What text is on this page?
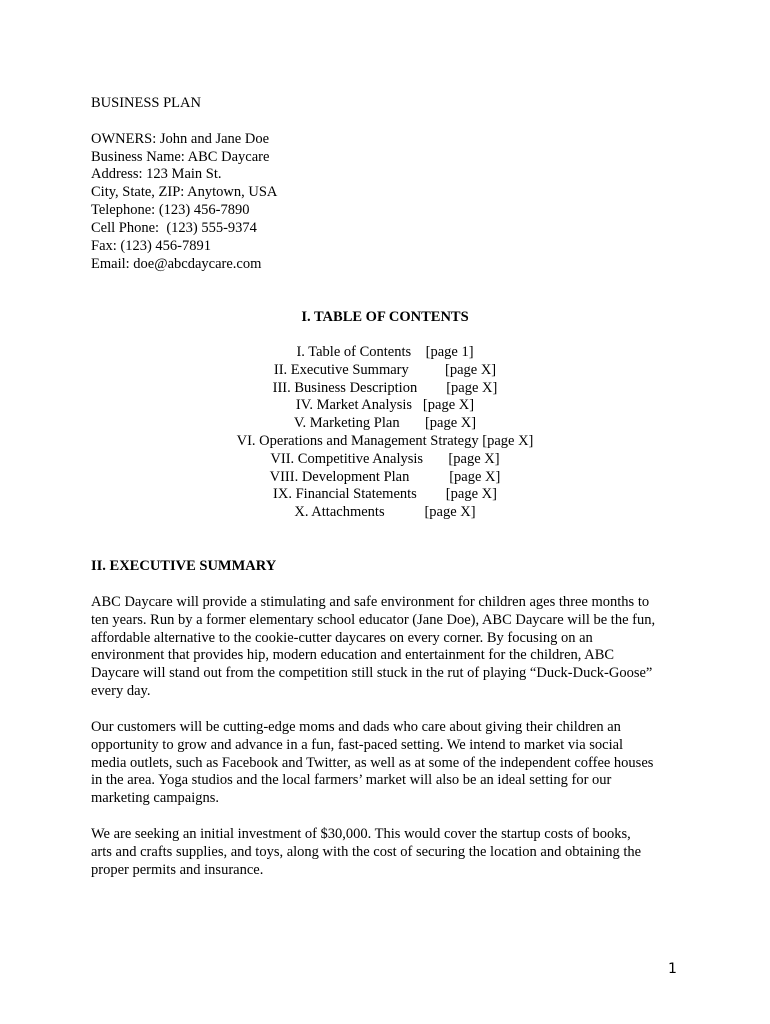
BUSINESS PLAN
OWNERS: John and Jane Doe
Business Name: ABC Daycare
Address: 123 Main St.
City, State, ZIP: Anytown, USA
Telephone: (123) 456-7890
Cell Phone:  (123) 555-9374
Fax: (123) 456-7891
Email: doe@abcdaycare.com
I. TABLE OF CONTENTS
I. Table of Contents    [page 1]
II. Executive Summary          [page X]
III. Business Description        [page X]
IV. Market Analysis   [page X]
V. Marketing Plan       [page X]
VI. Operations and Management Strategy [page X]
VII. Competitive Analysis       [page X]
VIII. Development Plan           [page X]
IX. Financial Statements        [page X]
X. Attachments           [page X]
II. EXECUTIVE SUMMARY
ABC Daycare will provide a stimulating and safe environment for children ages three months to
ten years. Run by a former elementary school educator (Jane Doe), ABC Daycare will be the fun,
affordable alternative to the cookie-cutter daycares on every corner. By focusing on an
environment that provides hip, modern education and entertainment for the children, ABC
Daycare will stand out from the competition still stuck in the rut of playing “Duck-Duck-Goose”
every day.
Our customers will be cutting-edge moms and dads who care about giving their children an
opportunity to grow and advance in a fun, fast-paced setting. We intend to market via social
media outlets, such as Facebook and Twitter, as well as at some of the independent coffee houses
in the area. Yoga studios and the local farmers’ market will also be an ideal setting for our
marketing campaigns.
We are seeking an initial investment of $30,000. This would cover the startup costs of books,
arts and crafts supplies, and toys, along with the cost of securing the location and obtaining the
proper permits and insurance.
1
